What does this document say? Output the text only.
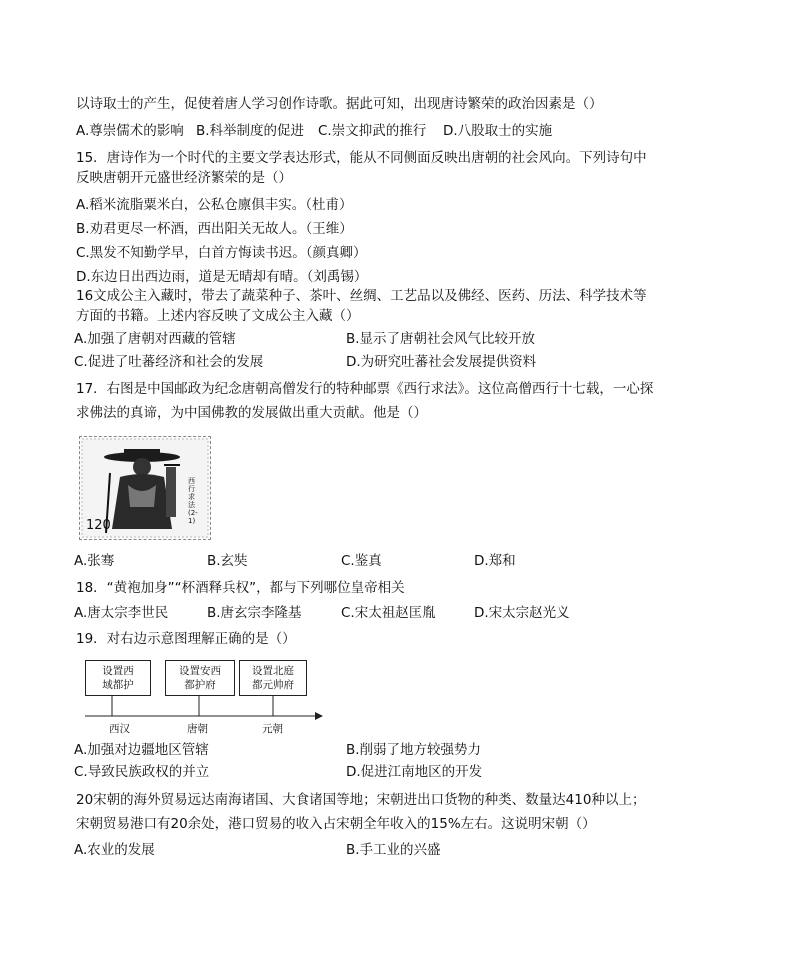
以诗取士的产生，促使着唐人学习创作诗歌。据此可知，出现唐诗繁荣的政治因素是（）
A.尊崇儒术的影响 B.科举制度的促进 C.崇文抑武的推行 D.八股取士的实施
15．唐诗作为一个时代的主要文学表达形式，能从不同侧面反映出唐朝的社会风向。下列诗句中
反映唐朝开元盛世经济繁荣的是（）
A.稻米流脂粟米白，公私仓廪俱丰实。（杜甫）
B.劝君更尽一杯酒，西出阳关无故人。（王维）
C.黑发不知勤学早，白首方悔读书迟。（颜真卿）
D.东边日出西边雨，道是无晴却有晴。（刘禹锡）
16文成公主入藏时，带去了蔬菜种子、茶叶、丝绸、工艺品以及佛经、医药、历法、科学技术等
方面的书籍。上述内容反映了文成公主入藏（）
A.加强了唐朝对西藏的管辖	B.显示了唐朝社会风气比较开放
C.促进了吐蕃经济和社会的发展	D.为研究吐蕃社会发展提供资料
17．右图是中国邮政为纪念唐朝高僧发行的特种邮票《西行求法》。这位高僧西行十七载，一心探
求佛法的真谛，为中国佛教的发展做出重大贡献。他是（）
120
西行求法(2-1)
A.张骞	B.玄奘	C.鉴真	D.郑和
18．“黄袍加身”“杯酒释兵权”，都与下列哪位皇帝相关
A.唐太宗李世民	B.唐玄宗李隆基	C.宋太祖赵匡胤	D.宋太宗赵光义
19．对右边示意图理解正确的是（）
设置西
域都护
设置安西
都护府
设置北庭
都元帅府
西汉	唐朝	元朝
A.加强对边疆地区管辖	B.削弱了地方较强势力
C.导致民族政权的并立	D.促进江南地区的开发
20宋朝的海外贸易远达南海诸国、大食诸国等地；宋朝进出口货物的种类、数量达410种以上；
宋朝贸易港口有20余处，港口贸易的收入占宋朝全年收入的15%左右。这说明宋朝（）
A.农业的发展	B.手工业的兴盛
